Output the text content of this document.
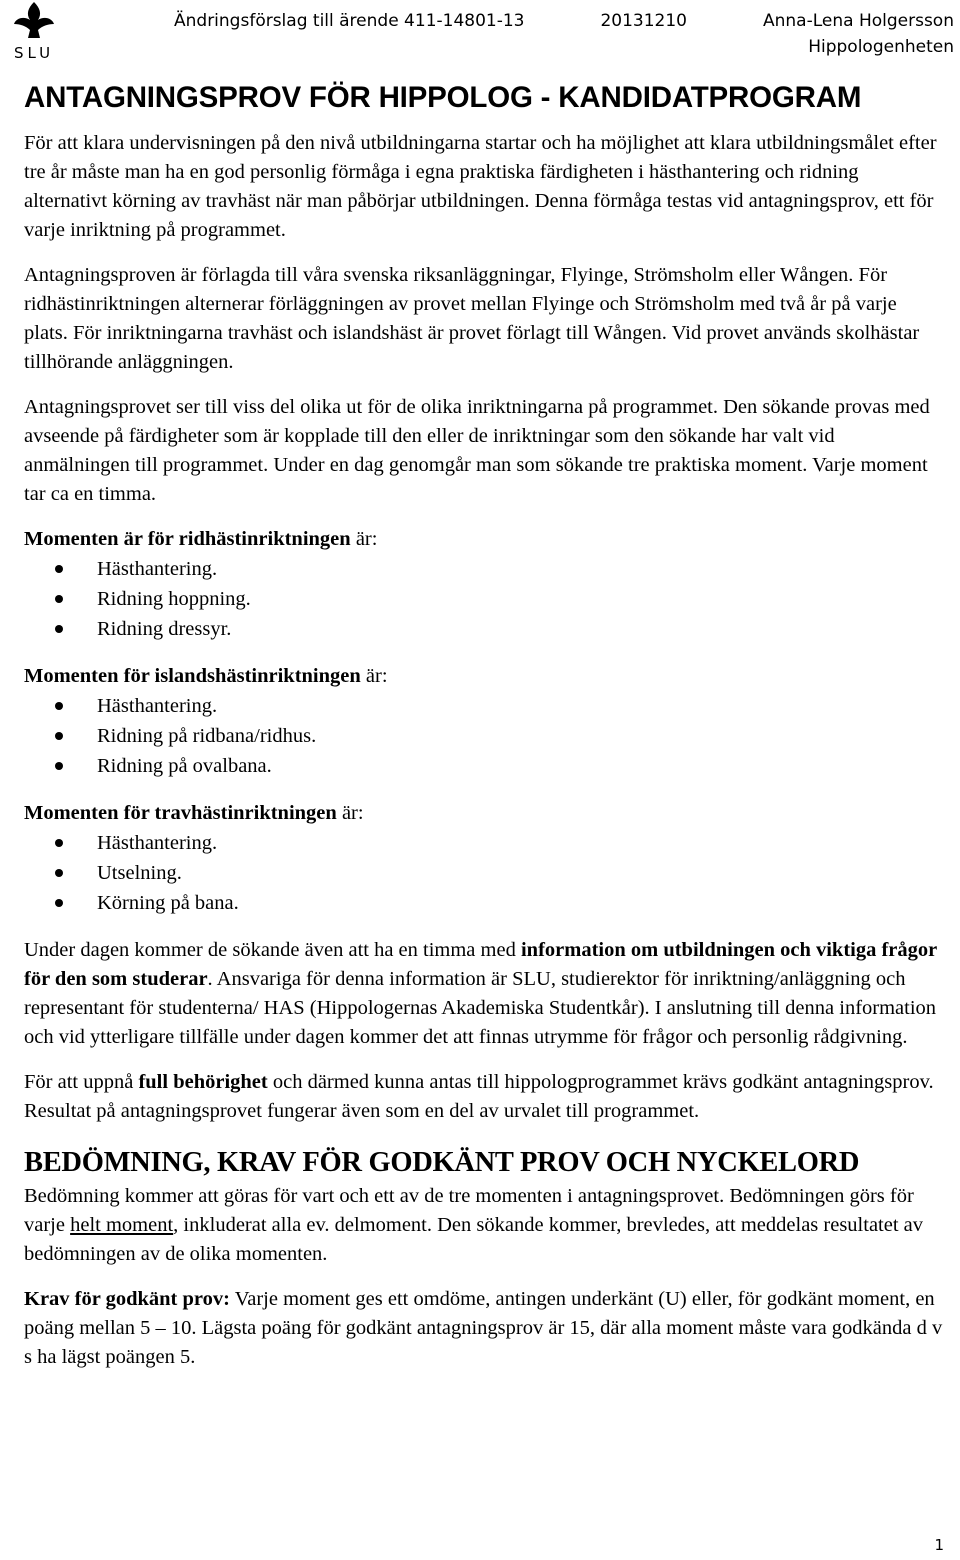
SLU
Ändringsförslag till ärende 411-14801-13	20131210	Anna-Lena Holgersson
Hippologenheten
ANTAGNINGSPROV FÖR HIPPOLOG - KANDIDATPROGRAM

För att klara undervisningen på den nivå utbildningarna startar och ha möjlighet att klara utbildningsmålet efter tre år måste man ha en god personlig förmåga i egna praktiska färdigheten i hästhantering och ridning alternativt körning av travhäst när man påbörjar utbildningen. Denna förmåga testas vid antagningsprov, ett för varje inriktning på programmet.

Antagningsproven är förlagda till våra svenska riksanläggningar, Flyinge, Strömsholm eller Wången. För ridhästinriktningen alternerar förläggningen av provet mellan Flyinge och Strömsholm med två år på varje plats. För inriktningarna travhäst och islandshäst är provet förlagt till Wången. Vid provet används skolhästar tillhörande anläggningen.

Antagningsprovet ser till viss del olika ut för de olika inriktningarna på programmet. Den sökande provas med avseende på färdigheter som är kopplade till den eller de inriktningar som den sökande har valt vid anmälningen till programmet. Under en dag genomgår man som sökande tre praktiska moment. Varje moment tar ca en timma.

Momenten är för ridhästinriktningen är:

Hästhantering.
Ridning hoppning.
Ridning dressyr.

Momenten för islandshästinriktningen är:

Hästhantering.
Ridning på ridbana/ridhus.
Ridning på ovalbana.

Momenten för travhästinriktningen är:

Hästhantering.
Utselning.
Körning på bana.

Under dagen kommer de sökande även att ha en timma med information om utbildningen och viktiga frågor för den som studerar. Ansvariga för denna information är SLU, studierektor för inriktning/anläggning och representant för studenterna/ HAS (Hippologernas Akademiska Studentkår). I anslutning till denna information och vid ytterligare tillfälle under dagen kommer det att finnas utrymme för frågor och personlig rådgivning.

För att uppnå full behörighet och därmed kunna antas till hippologprogrammet krävs godkänt antagningsprov. Resultat på antagningsprovet fungerar även som en del av urvalet till programmet.

BEDÖMNING, KRAV FÖR GODKÄNT PROV OCH NYCKELORD

Bedömning kommer att göras för vart och ett av de tre momenten i antagningsprovet. Bedömningen görs för varje helt moment, inkluderat alla ev. delmoment. Den sökande kommer, brevledes, att meddelas resultatet av bedömningen av de olika momenten.

Krav för godkänt prov: Varje moment ges ett omdöme, antingen underkänt (U) eller, för godkänt moment, en poäng mellan 5 – 10. Lägsta poäng för godkänt antagningsprov är 15, där alla moment måste vara godkända d v s ha lägst poängen 5.

1
